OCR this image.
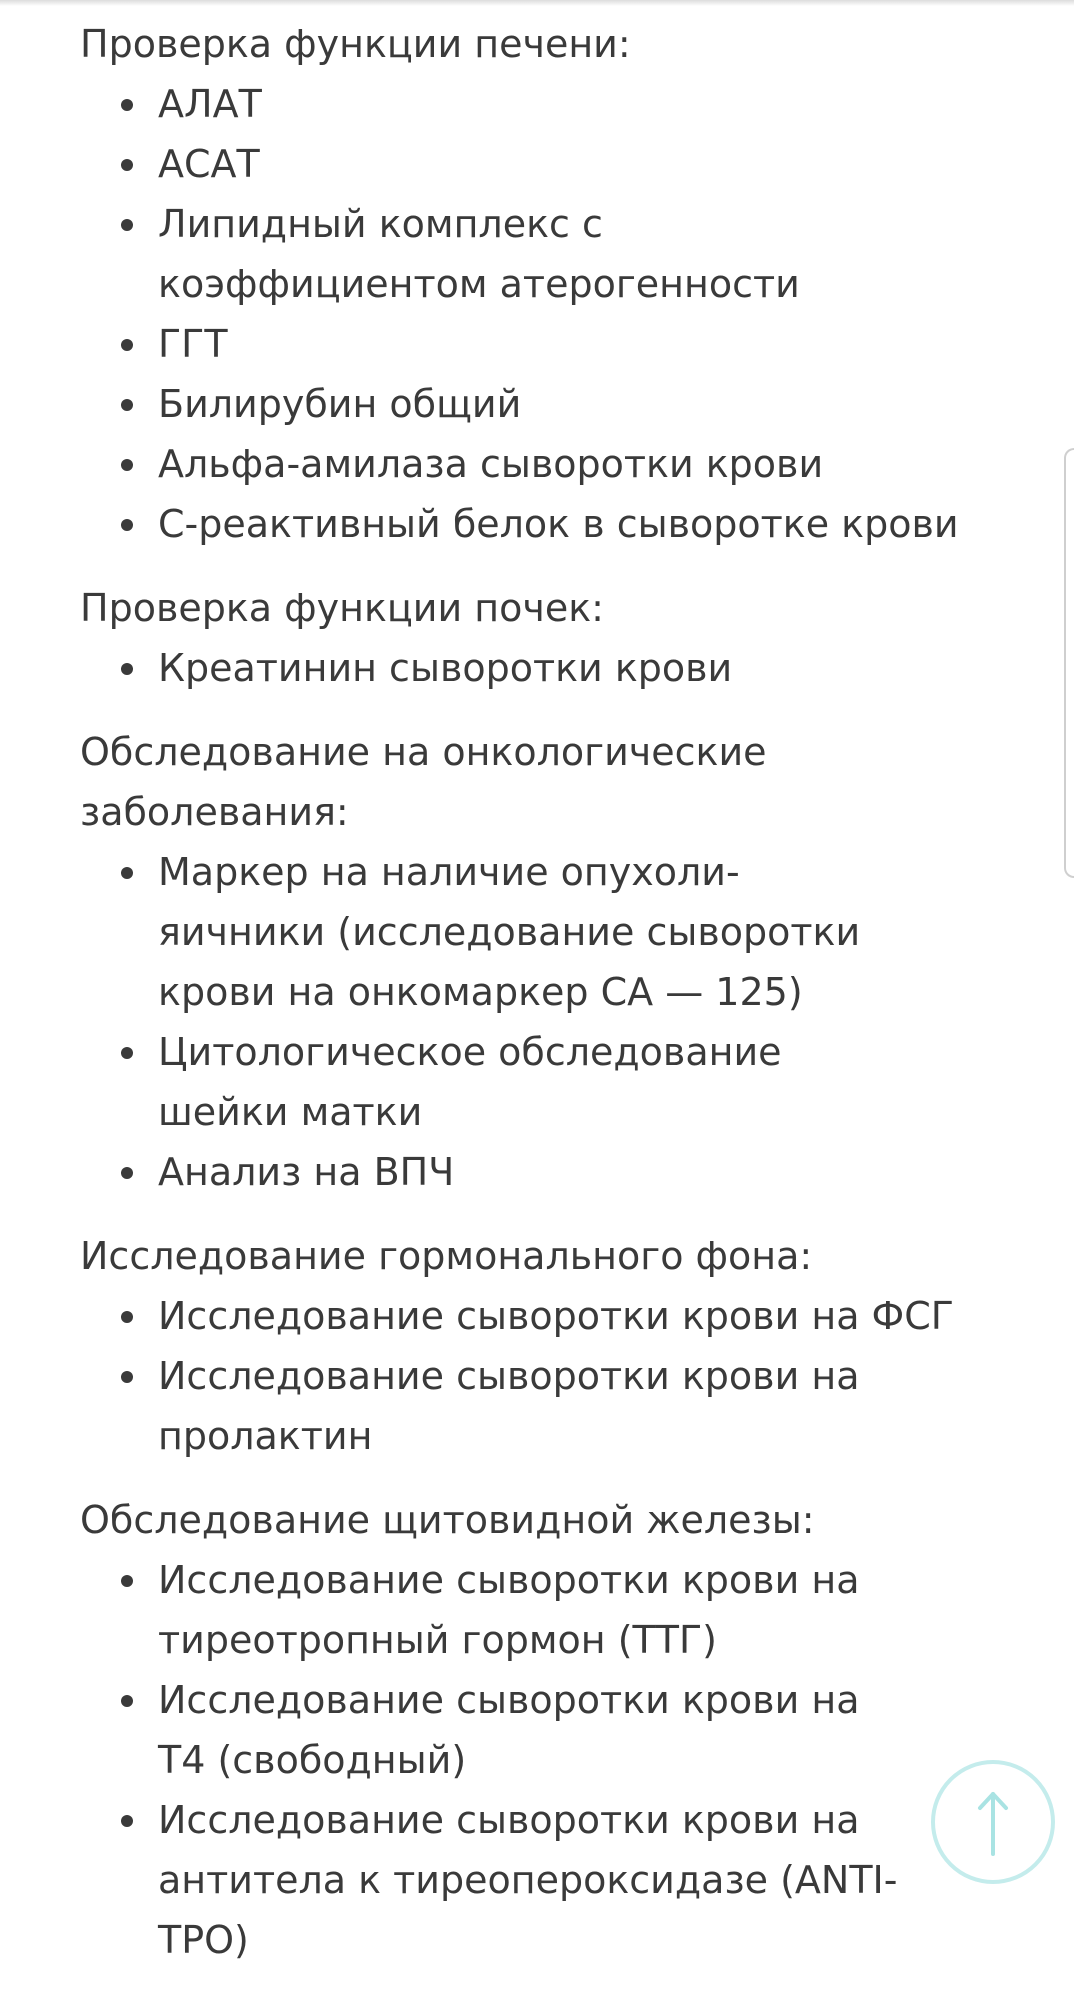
Проверка функции печени:

АЛАТ
АСАТ
Липидный комплекс с коэффициентом атерогенности
ГГТ
Билирубин общий
Альфа-амилаза сыворотки крови
С-реактивный белок в сыворотке крови

Проверка функции почек:

Креатинин сыворотки крови

Обследование на онкологические заболевания:

Маркер на наличие опухоли-яичники (исследование сыворотки крови на онкомаркер СА — 125)
Цитологическое обследование шейки матки
Анализ на ВПЧ

Исследование гормонального фона:

Исследование сыворотки крови на ФСГ
Исследование сыворотки крови на пролактин

Обследование щитовидной железы:

Исследование сыворотки крови на тиреотропный гормон (ТТГ)
Исследование сыворотки крови на Т4 (свободный)
Исследование сыворотки крови на антитела к тиреопероксидазе (ANTI-TPO)
